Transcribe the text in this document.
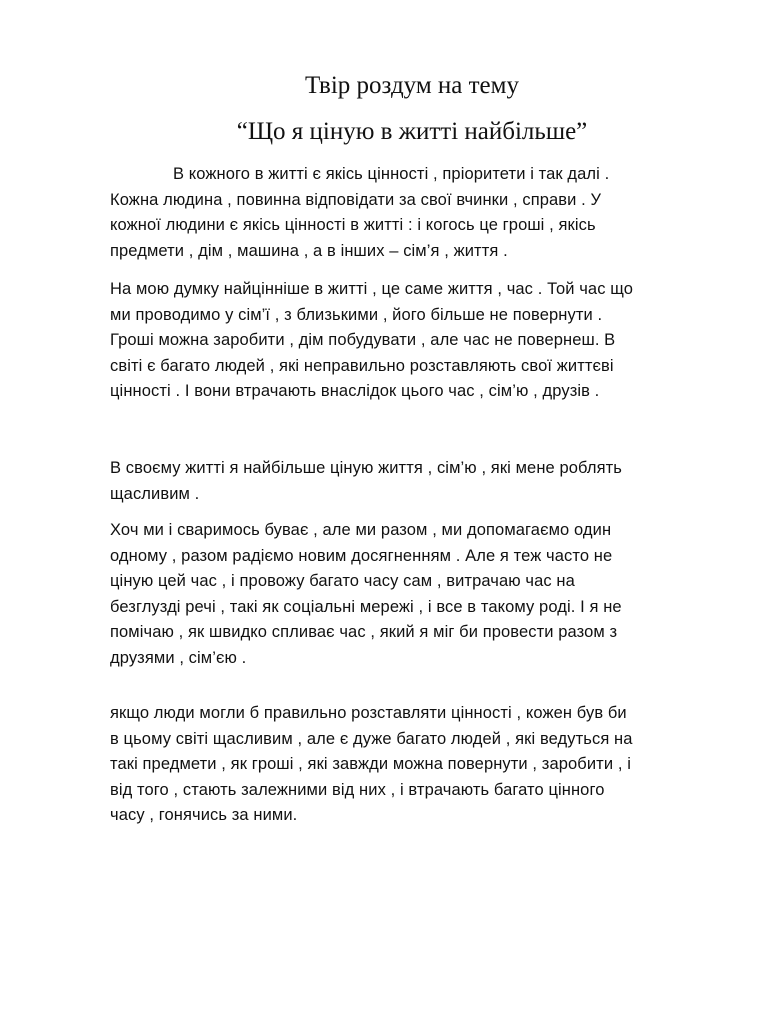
Твір роздум на тему
“Що я ціную в житті найбільше”
В кожного в житті є якісь цінності , пріоритети і так далі .
Кожна людина , повинна відповідати за свої вчинки , справи . У
кожної людини є якісь цінності в житті : і когось це гроші , якісь
предмети , дім , машина , а в інших – сім’я , життя .
На мою думку найцінніше в житті , це саме життя , час . Той час що
ми проводимо у сім’ї , з близькими , його більше не повернути .
Гроші можна заробити , дім побудувати , але час не повернеш. В
світі є багато людей , які неправильно розставляють свої життєві
цінності . І вони втрачають внаслідок цього час , сім’ю , друзів .
В своєму житті я найбільше ціную життя , сім’ю , які мене роблять
щасливим .
Хоч ми і сваримось буває , але ми разом , ми допомагаємо один
одному , разом радіємо новим досягненням . Але я теж часто не
ціную цей час , і провожу багато часу сам , витрачаю час на
безглузді речі , такі як соціальні мережі , і все в такому роді. І я не
помічаю , як швидко спливає час , який я міг би провести разом з
друзями , сім’єю .
якщо люди могли б правильно розставляти цінності , кожен був би
в цьому світі щасливим , але є дуже багато людей , які ведуться на
такі предмети , як гроші , які завжди можна повернути , заробити , і
від того , стають залежними від них , і втрачають багато цінного
часу , гонячись за ними.
